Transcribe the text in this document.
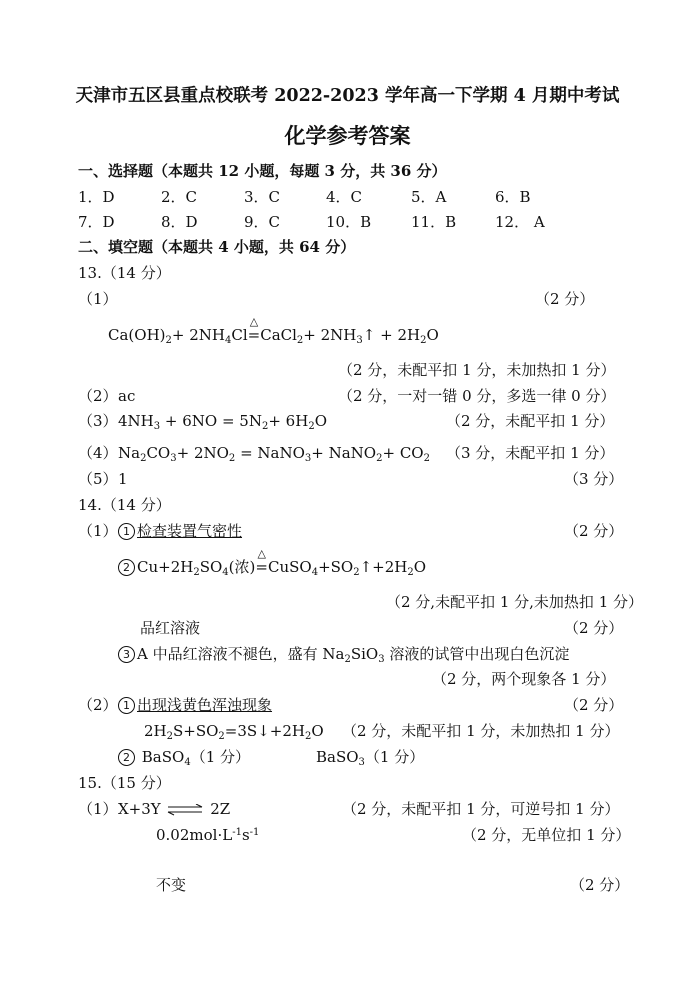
天津市五区县重点校联考 2022-2023 学年高一下学期 4 月期中考试
化学参考答案
一、选择题（本题共 12 小题，每题 3 分，共 36 分）
1．D	2．C	3．C	4．C	5．A	6．B
7．D	8．D	9．C	10．B	11．B	12． A
二、填空题（本题共 4 小题，共 64 分）
13.（14 分）
（1）	（2 分）
$Ca(OH)_2+ 2NH_4Cl$
△
=CaCl$_2$+ $2NH_3↑ + 2H_2O$
（2 分，未配平扣 1 分，未加热扣 1 分）
（2） ac	（2 分，一对一错 0 分，多选一律 0 分）
（3） $4NH_3 + 6NO = 5N_2+ 6H_2O$	（2 分，未配平扣 1 分）
（4） $Na_2CO_3+ 2NO_2$ = NaNO$_3$+ NaNO$_2$+ $CO_2$ （3 分，未配平扣 1 分）
（5） 1	（3 分）
14.（14 分）
（1） 1 检查装置气密性	（2 分）
2 $Cu+2H_2SO_4$(浓)
△
$=CuSO_4+SO_2↑+2H_2O$
（2 分,未配平扣 1 分,未加热扣 1 分）
品红溶液	（2 分）
3 A 中品红溶液不褪色，盛有 $Na_2SiO_3$ 溶液的试管中出现白色沉淀
（2 分，两个现象各 1 分）
（2） 1 出现浅黄色浑浊现象	（2 分）
$2H_2S+SO_2=3S↓+2H_2O$ （2 分，未配平扣 1 分，未加热扣 1 分）
2 BaSO$_4$（1 分）	BaSO$_3$（1 分）
15.（15 分）
（1） X+3Y ⇌ 2Z	（2 分，未配平扣 1 分，可逆号扣 1 分）
$0.02mol\cdot L^{-1}s^{-1}$	（2 分，无单位扣 1 分）
不变	（2 分）
